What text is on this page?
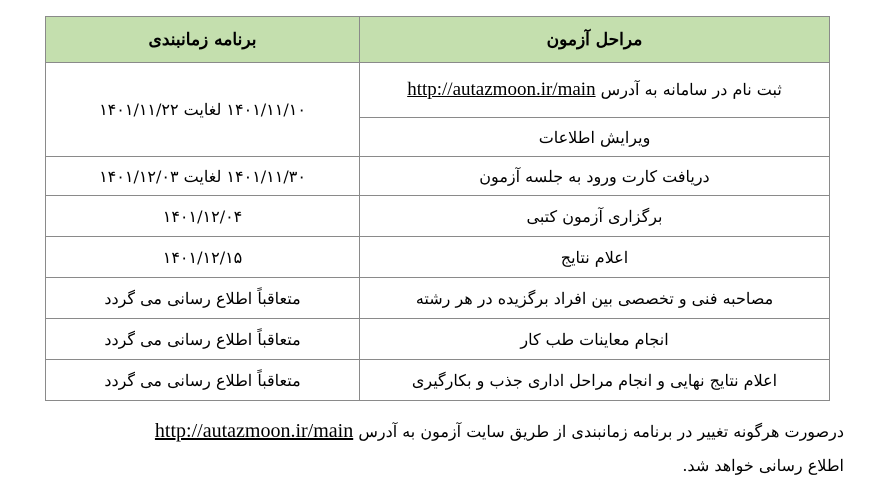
مراحل آزمون	برنامه زمانبندی
ثبت نام در سامانه به آدرس http://autazmoon.ir/main	۱۴۰۱/۱۱/۱۰ لغایت ۱۴۰۱/۱۱/۲۲
ویرایش اطلاعات	
دریافت کارت ورود به جلسه آزمون	۱۴۰۱/۱۱/۳۰ لغایت ۱۴۰۱/۱۲/۰۳
برگزاری آزمون کتبی	۱۴۰۱/۱۲/۰۴
اعلام نتایج	۱۴۰۱/۱۲/۱۵
مصاحبه فنی و تخصصی بین افراد برگزیده در هر رشته	متعاقباً اطلاع رسانی می گردد
انجام معاینات طب کار	متعاقباً اطلاع رسانی می گردد
اعلام نتایج نهایی و انجام مراحل اداری جذب و بکارگیری	متعاقباً اطلاع رسانی می گردد
درصورت هرگونه تغییر در برنامه زمانبندی از طریق سایت آزمون به آدرس http://autazmoon.ir/main
اطلاع رسانی خواهد شد.
